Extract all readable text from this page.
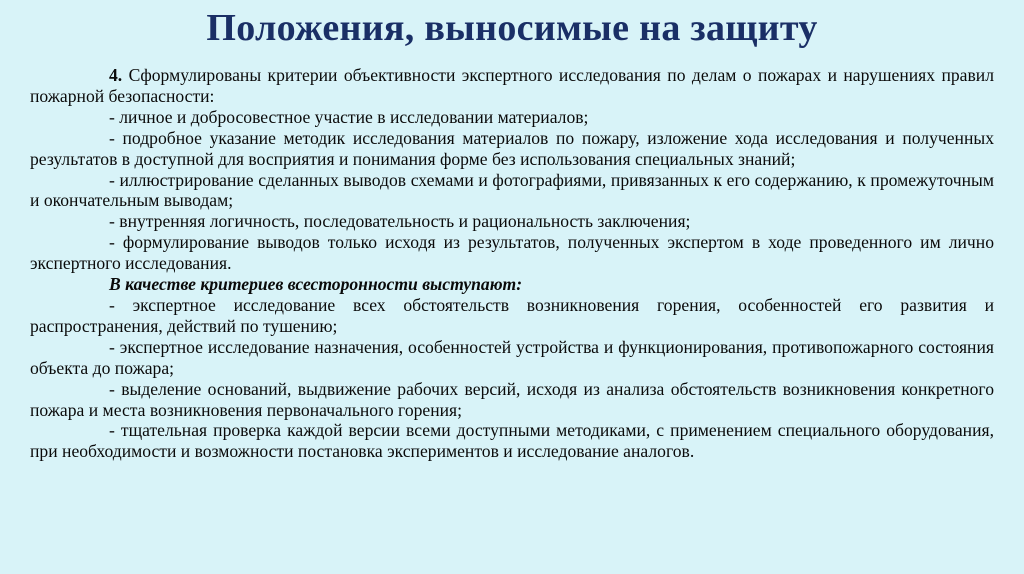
Положения, выносимые на защиту

4. Сформулированы критерии объективности экспертного исследования по делам о пожарах и нарушениях правил пожарной безопасности:

- личное и добросовестное участие в исследовании материалов;

- подробное указание методик исследования материалов по пожару, изложение хода исследования и полученных результатов в доступной для восприятия и понимания форме без использования специальных знаний;

- иллюстрирование сделанных выводов схемами и фотографиями, привязанных к его содержанию, к промежуточным и окончательным выводам;

- внутренняя логичность, последовательность и рациональность заключения;

- формулирование выводов только исходя из результатов, полученных экспертом в ходе проведенного им лично экспертного исследования.

В качестве критериев всесторонности выступают:

- экспертное исследование всех обстоятельств возникновения горения, особенностей его развития и распространения, действий по тушению;

- экспертное исследование назначения, особенностей устройства и функционирования, противопожарного состояния объекта до пожара;

- выделение оснований, выдвижение рабочих версий, исходя из анализа обстоятельств возникновения конкретного пожара и места возникновения первоначального горения;

- тщательная проверка каждой версии всеми доступными методиками, с применением специального оборудования, при необходимости и возможности постановка экспериментов и исследование аналогов.
